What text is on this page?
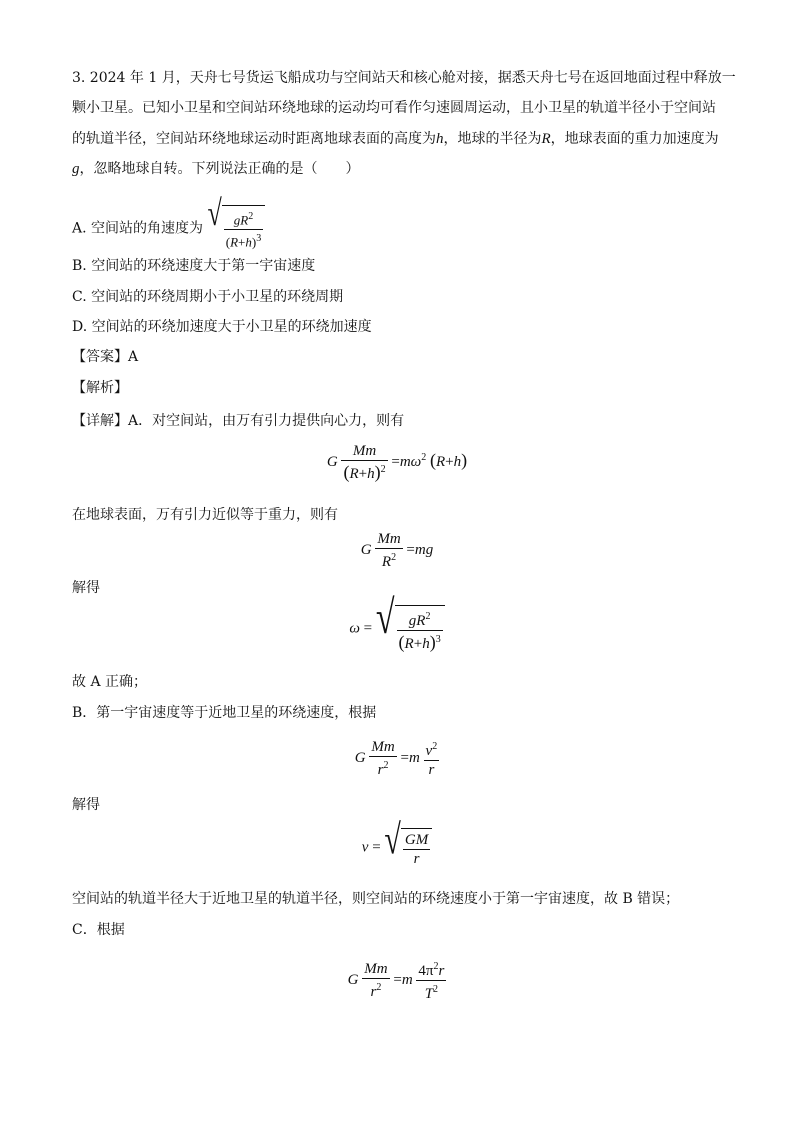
3. 2024 年 1 月，天舟七号货运飞船成功与空间站天和核心舱对接，据悉天舟七号在返回地面过程中释放一
颗小卫星。已知小卫星和空间站环绕地球的运动均可看作匀速圆周运动，且小卫星的轨道半径小于空间站
的轨道半径，空间站环绕地球运动时距离地球表面的高度为h，地球的半径为R，地球表面的重力加速度为
g，忽略地球自转。下列说法正确的是（　　）
A. 空间站的角速度为 √ $\frac{gR^2}{(R+h)^3}$
B. 空间站的环绕速度大于第一宇宙速度
C. 空间站的环绕周期小于小卫星的环绕周期
D. 空间站的环绕加速度大于小卫星的环绕加速度
【答案】A
【解析】
【详解】A．对空间站，由万有引力提供向心力，则有
G $\frac{Mm}{(R+h)^2} =m\omega^2$ (R+h)
在地球表面，万有引力近似等于重力，则有
G $\frac{Mm}{R^2} =mg$
解得
ω = √ $\frac{gR^2}{(R+h)^3}$
故 A 正确；
B．第一宇宙速度等于近地卫星的环绕速度，根据
G $\frac{Mm}{r^2} =m \frac{v^2}{r}$
解得
v = √ $\frac{GM}{r}$
空间站的轨道半径大于近地卫星的轨道半径，则空间站的环绕速度小于第一宇宙速度，故 B 错误；
C．根据
G $\frac{Mm}{r^2} =m \frac{4\pi^2r}{T^2}$
